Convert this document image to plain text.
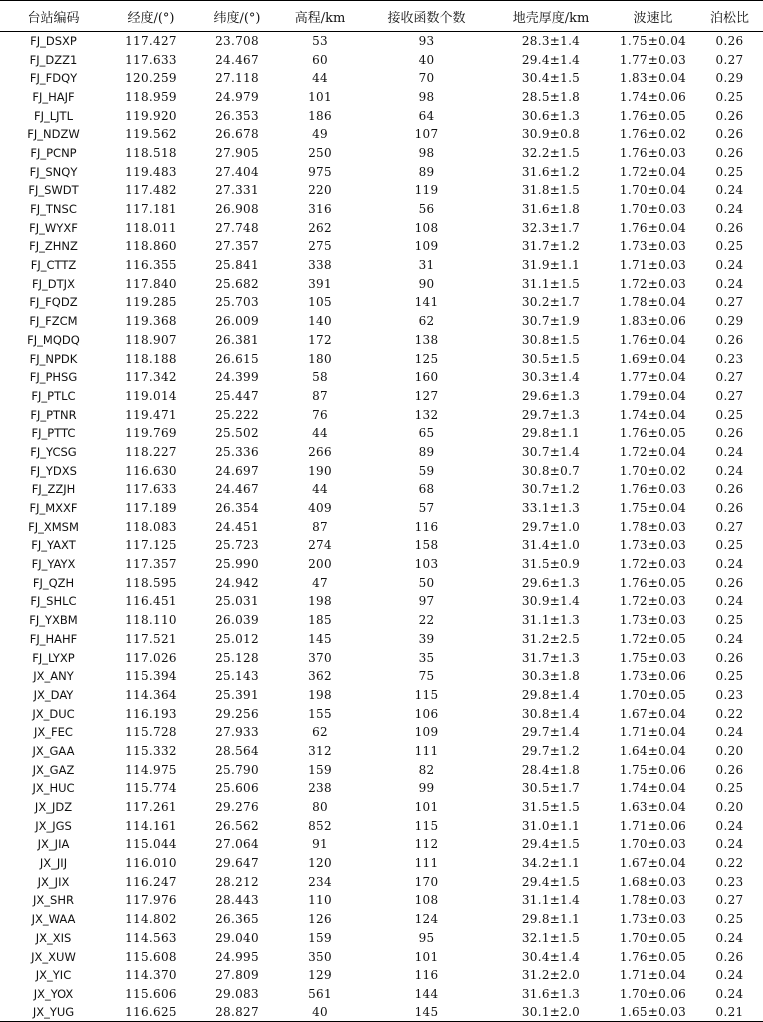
台站编码	经度/(°)	纬度/(°)	高程/km	接收函数个数	地壳厚度/km	波速比	泊松比
FJ_DSXP	117.427	23.708	53	93	28.3±1.4	1.75±0.04	0.26
FJ_DZZ1	117.633	24.467	60	40	29.4±1.4	1.77±0.03	0.27
FJ_FDQY	120.259	27.118	44	70	30.4±1.5	1.83±0.04	0.29
FJ_HAJF	118.959	24.979	101	98	28.5±1.8	1.74±0.06	0.25
FJ_LJTL	119.920	26.353	186	64	30.6±1.3	1.76±0.05	0.26
FJ_NDZW	119.562	26.678	49	107	30.9±0.8	1.76±0.02	0.26
FJ_PCNP	118.518	27.905	250	98	32.2±1.5	1.76±0.03	0.26
FJ_SNQY	119.483	27.404	975	89	31.6±1.2	1.72±0.04	0.25
FJ_SWDT	117.482	27.331	220	119	31.8±1.5	1.70±0.04	0.24
FJ_TNSC	117.181	26.908	316	56	31.6±1.8	1.70±0.03	0.24
FJ_WYXF	118.011	27.748	262	108	32.3±1.7	1.76±0.04	0.26
FJ_ZHNZ	118.860	27.357	275	109	31.7±1.2	1.73±0.03	0.25
FJ_CTTZ	116.355	25.841	338	31	31.9±1.1	1.71±0.03	0.24
FJ_DTJX	117.840	25.682	391	90	31.1±1.5	1.72±0.03	0.24
FJ_FQDZ	119.285	25.703	105	141	30.2±1.7	1.78±0.04	0.27
FJ_FZCM	119.368	26.009	140	62	30.7±1.9	1.83±0.06	0.29
FJ_MQDQ	118.907	26.381	172	138	30.8±1.5	1.76±0.04	0.26
FJ_NPDK	118.188	26.615	180	125	30.5±1.5	1.69±0.04	0.23
FJ_PHSG	117.342	24.399	58	160	30.3±1.4	1.77±0.04	0.27
FJ_PTLC	119.014	25.447	87	127	29.6±1.3	1.79±0.04	0.27
FJ_PTNR	119.471	25.222	76	132	29.7±1.3	1.74±0.04	0.25
FJ_PTTC	119.769	25.502	44	65	29.8±1.1	1.76±0.05	0.26
FJ_YCSG	118.227	25.336	266	89	30.7±1.4	1.72±0.04	0.24
FJ_YDXS	116.630	24.697	190	59	30.8±0.7	1.70±0.02	0.24
FJ_ZZJH	117.633	24.467	44	68	30.7±1.2	1.76±0.03	0.26
FJ_MXXF	117.189	26.354	409	57	33.1±1.3	1.75±0.04	0.26
FJ_XMSM	118.083	24.451	87	116	29.7±1.0	1.78±0.03	0.27
FJ_YAXT	117.125	25.723	274	158	31.4±1.0	1.73±0.03	0.25
FJ_YAYX	117.357	25.990	200	103	31.5±0.9	1.72±0.03	0.24
FJ_QZH	118.595	24.942	47	50	29.6±1.3	1.76±0.05	0.26
FJ_SHLC	116.451	25.031	198	97	30.9±1.4	1.72±0.03	0.24
FJ_YXBM	118.110	26.039	185	22	31.1±1.3	1.73±0.03	0.25
FJ_HAHF	117.521	25.012	145	39	31.2±2.5	1.72±0.05	0.24
FJ_LYXP	117.026	25.128	370	35	31.7±1.3	1.75±0.03	0.26
JX_ANY	115.394	25.143	362	75	30.3±1.8	1.73±0.06	0.25
JX_DAY	114.364	25.391	198	115	29.8±1.4	1.70±0.05	0.23
JX_DUC	116.193	29.256	155	106	30.8±1.4	1.67±0.04	0.22
JX_FEC	115.728	27.933	62	109	29.7±1.4	1.71±0.04	0.24
JX_GAA	115.332	28.564	312	111	29.7±1.2	1.64±0.04	0.20
JX_GAZ	114.975	25.790	159	82	28.4±1.8	1.75±0.06	0.26
JX_HUC	115.774	25.606	238	99	30.5±1.7	1.74±0.04	0.25
JX_JDZ	117.261	29.276	80	101	31.5±1.5	1.63±0.04	0.20
JX_JGS	114.161	26.562	852	115	31.0±1.1	1.71±0.06	0.24
JX_JIA	115.044	27.064	91	112	29.4±1.5	1.70±0.03	0.24
JX_JIJ	116.010	29.647	120	111	34.2±1.1	1.67±0.04	0.22
JX_JIX	116.247	28.212	234	170	29.4±1.5	1.68±0.03	0.23
JX_SHR	117.976	28.443	110	108	31.1±1.4	1.78±0.03	0.27
JX_WAA	114.802	26.365	126	124	29.8±1.1	1.73±0.03	0.25
JX_XIS	114.563	29.040	159	95	32.1±1.5	1.70±0.05	0.24
JX_XUW	115.608	24.995	350	101	30.4±1.4	1.76±0.05	0.26
JX_YIC	114.370	27.809	129	116	31.2±2.0	1.71±0.04	0.24
JX_YOX	115.606	29.083	561	144	31.6±1.3	1.70±0.06	0.24
JX_YUG	116.625	28.827	40	145	30.1±2.0	1.65±0.03	0.21
